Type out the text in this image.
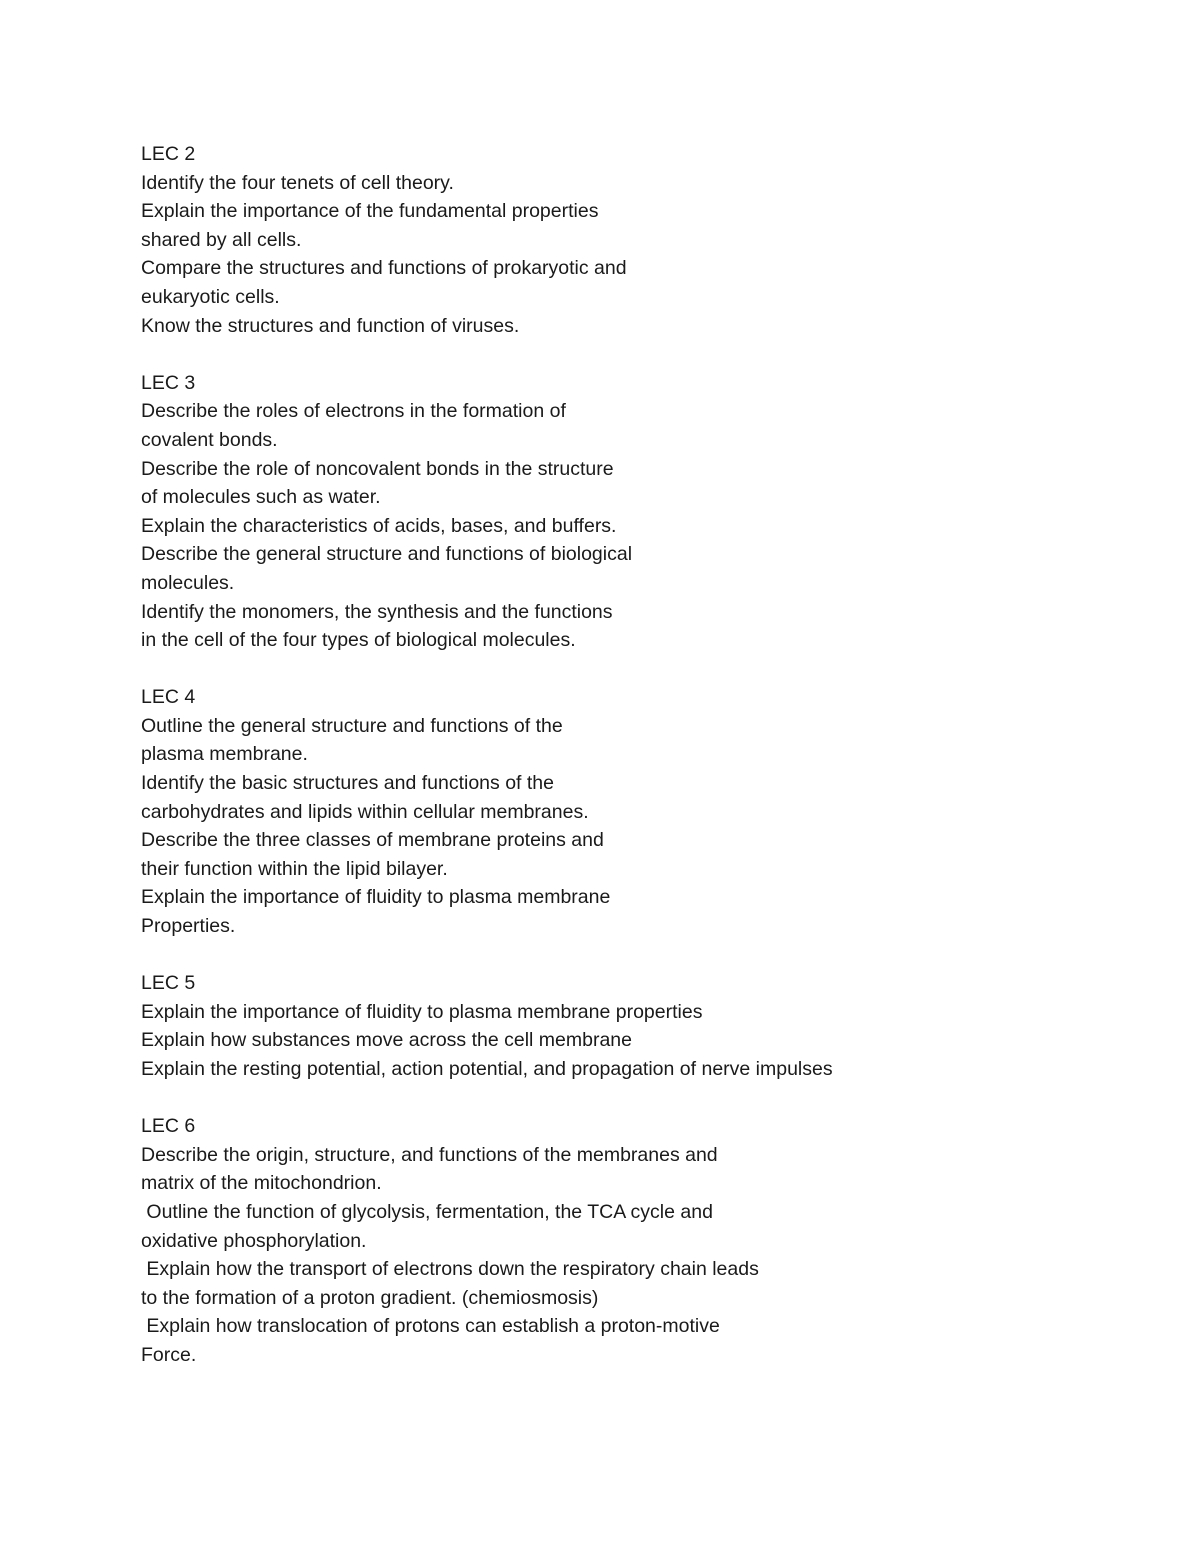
LEC 2
Identify the four tenets of cell theory.
Explain the importance of the fundamental properties
shared by all cells.
Compare the structures and functions of prokaryotic and
eukaryotic cells.
Know the structures and function of viruses.
LEC 3
Describe the roles of electrons in the formation of
covalent bonds.
Describe the role of noncovalent bonds in the structure
of molecules such as water.
Explain the characteristics of acids, bases, and buffers.
Describe the general structure and functions of biological
molecules.
Identify the monomers, the synthesis and the functions
in the cell of the four types of biological molecules.
LEC 4
Outline the general structure and functions of the
plasma membrane.
Identify the basic structures and functions of the
carbohydrates and lipids within cellular membranes.
Describe the three classes of membrane proteins and
their function within the lipid bilayer.
Explain the importance of fluidity to plasma membrane
Properties.
LEC 5
Explain the importance of fluidity to plasma membrane properties
Explain how substances move across the cell membrane
Explain the resting potential, action potential, and propagation of nerve impulses
LEC 6
Describe the origin, structure, and functions of the membranes and
matrix of the mitochondrion.
Outline the function of glycolysis, fermentation, the TCA cycle and
oxidative phosphorylation.
Explain how the transport of electrons down the respiratory chain leads
to the formation of a proton gradient. (chemiosmosis)
Explain how translocation of protons can establish a proton-motive
Force.
